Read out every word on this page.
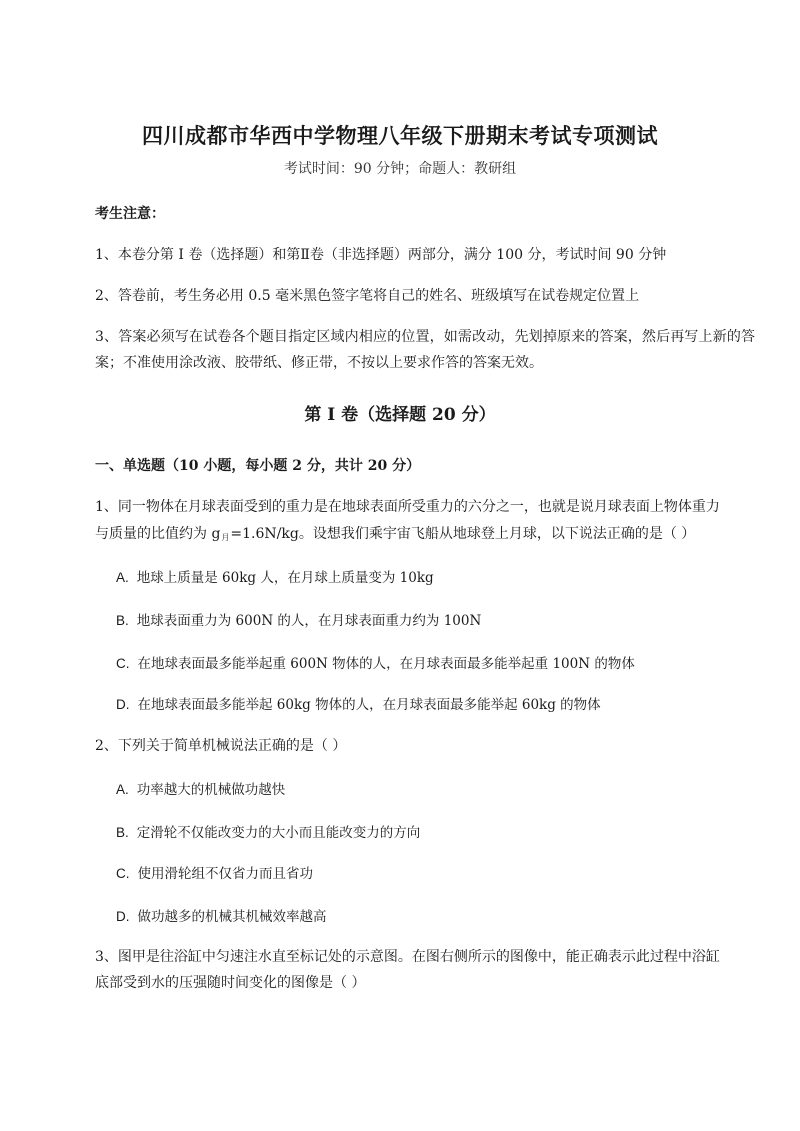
四川成都市华西中学物理八年级下册期末考试专项测试
考试时间：90 分钟；命题人：教研组
考生注意：
1、本卷分第 I 卷（选择题）和第Ⅱ卷（非选择题）两部分，满分 100 分，考试时间 90 分钟
2、答卷前，考生务必用 0.5 毫米黑色签字笔将自己的姓名、班级填写在试卷规定位置上
3、答案必须写在试卷各个题目指定区域内相应的位置，如需改动，先划掉原来的答案，然后再写上新的答案；不准使用涂改液、胶带纸、修正带，不按以上要求作答的答案无效。
第 I 卷（选择题 20 分）
一、单选题（10 小题，每小题 2 分，共计 20 分）
1、同一物体在月球表面受到的重力是在地球表面所受重力的六分之一，也就是说月球表面上物体重力
与质量的比值约为 $g_月=1.6N/kg$。设想我们乘宇宙飞船从地球登上月球，以下说法正确的是（ ）
A. 地球上质量是 60kg 人，在月球上质量变为 10kg
B. 地球表面重力为 600N 的人，在月球表面重力约为 100N
C. 在地球表面最多能举起重 600N 物体的人，在月球表面最多能举起重 100N 的物体
D. 在地球表面最多能举起 60kg 物体的人，在月球表面最多能举起 60kg 的物体
2、下列关于简单机械说法正确的是（ ）
A. 功率越大的机械做功越快
B. 定滑轮不仅能改变力的大小而且能改变力的方向
C. 使用滑轮组不仅省力而且省功
D. 做功越多的机械其机械效率越高
3、图甲是往浴缸中匀速注水直至标记处的示意图。在图右侧所示的图像中，能正确表示此过程中浴缸
底部受到水的压强随时间变化的图像是（ ）
